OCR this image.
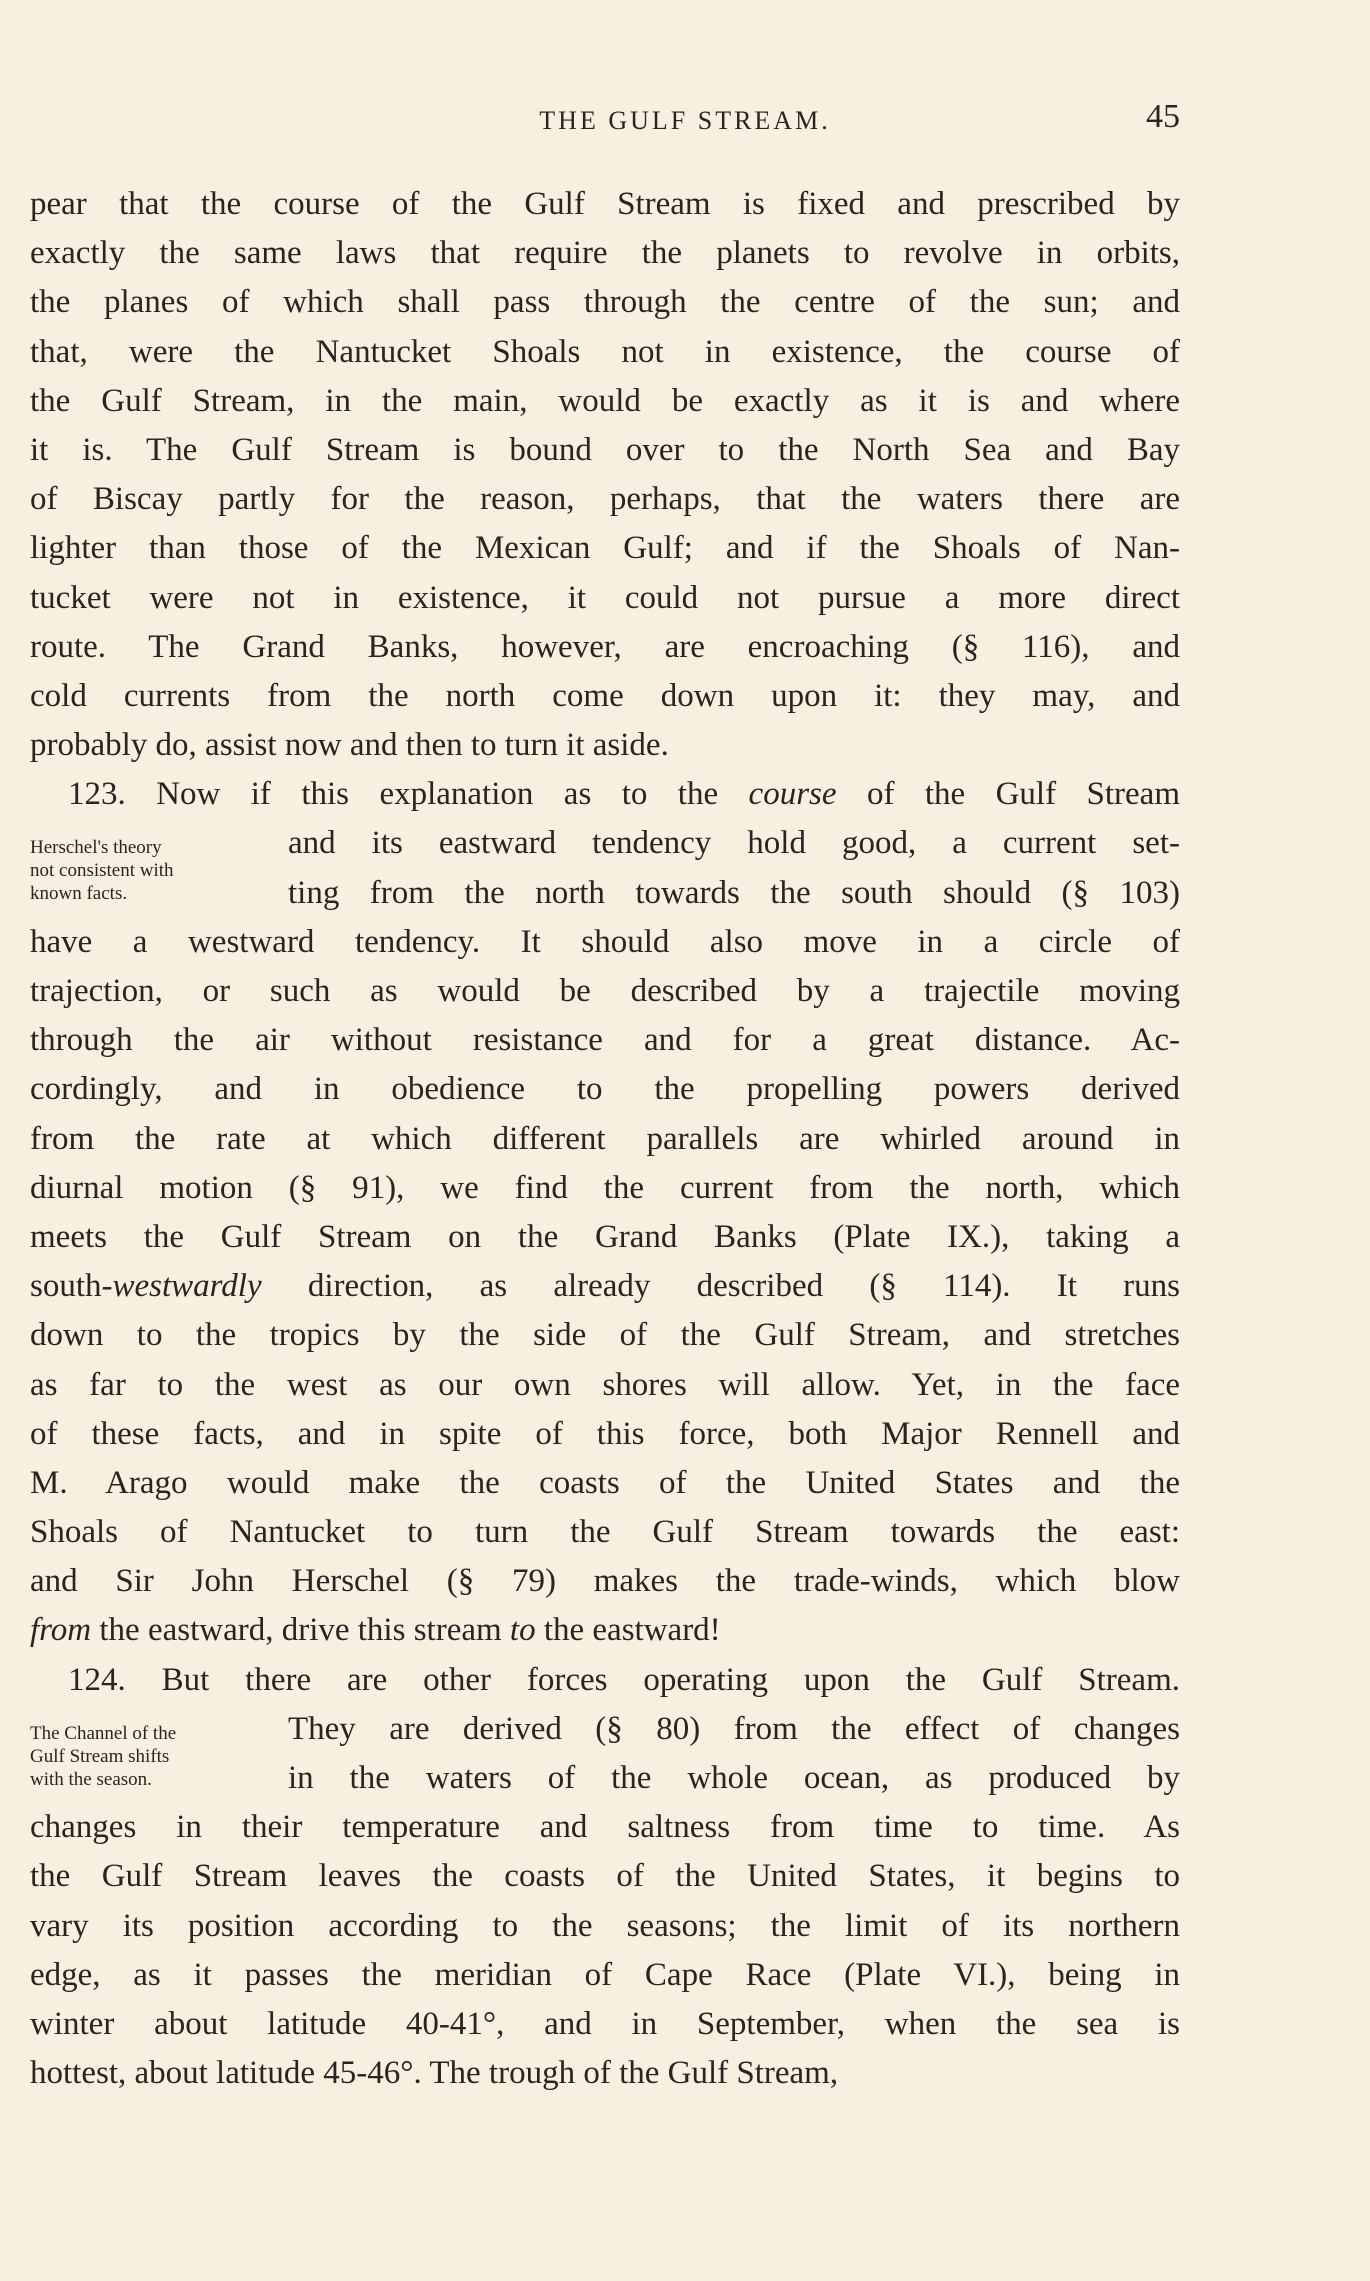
THE GULF STREAM.	45
pear that the course of the Gulf Stream is fixed and prescribed by
exactly the same laws that require the planets to revolve in orbits,
the planes of which shall pass through the centre of the sun; and
that, were the Nantucket Shoals not in existence, the course of
the Gulf Stream, in the main, would be exactly as it is and where
it is. The Gulf Stream is bound over to the North Sea and Bay
of Biscay partly for the reason, perhaps, that the waters there are
lighter than those of the Mexican Gulf; and if the Shoals of Nan-
tucket were not in existence, it could not pursue a more direct
route. The Grand Banks, however, are encroaching (§ 116), and
cold currents from the north come down upon it: they may, and
probably do, assist now and then to turn it aside.
123. Now if this explanation as to the course of the Gulf Stream
and its eastward tendency hold good, a current set-
ting from the north towards the south should (§ 103)
have a westward tendency. It should also move in a circle of
trajection, or such as would be described by a trajectile moving
through the air without resistance and for a great distance. Ac-
cordingly, and in obedience to the propelling powers derived
from the rate at which different parallels are whirled around in
diurnal motion (§ 91), we find the current from the north, which
meets the Gulf Stream on the Grand Banks (Plate IX.), taking a
south-westwardly direction, as already described (§ 114). It runs
down to the tropics by the side of the Gulf Stream, and stretches
as far to the west as our own shores will allow. Yet, in the face
of these facts, and in spite of this force, both Major Rennell and
M. Arago would make the coasts of the United States and the
Shoals of Nantucket to turn the Gulf Stream towards the east:
and Sir John Herschel (§ 79) makes the trade-winds, which blow
from the eastward, drive this stream to the eastward!
124. But there are other forces operating upon the Gulf Stream.
They are derived (§ 80) from the effect of changes
in the waters of the whole ocean, as produced by
changes in their temperature and saltness from time to time. As
the Gulf Stream leaves the coasts of the United States, it begins to
vary its position according to the seasons; the limit of its northern
edge, as it passes the meridian of Cape Race (Plate VI.), being in
winter about latitude 40-41°, and in September, when the sea is
hottest, about latitude 45-46°. The trough of the Gulf Stream,
Herschel's theory
not consistent with
known facts.
The Channel of the
Gulf Stream shifts
with the season.
